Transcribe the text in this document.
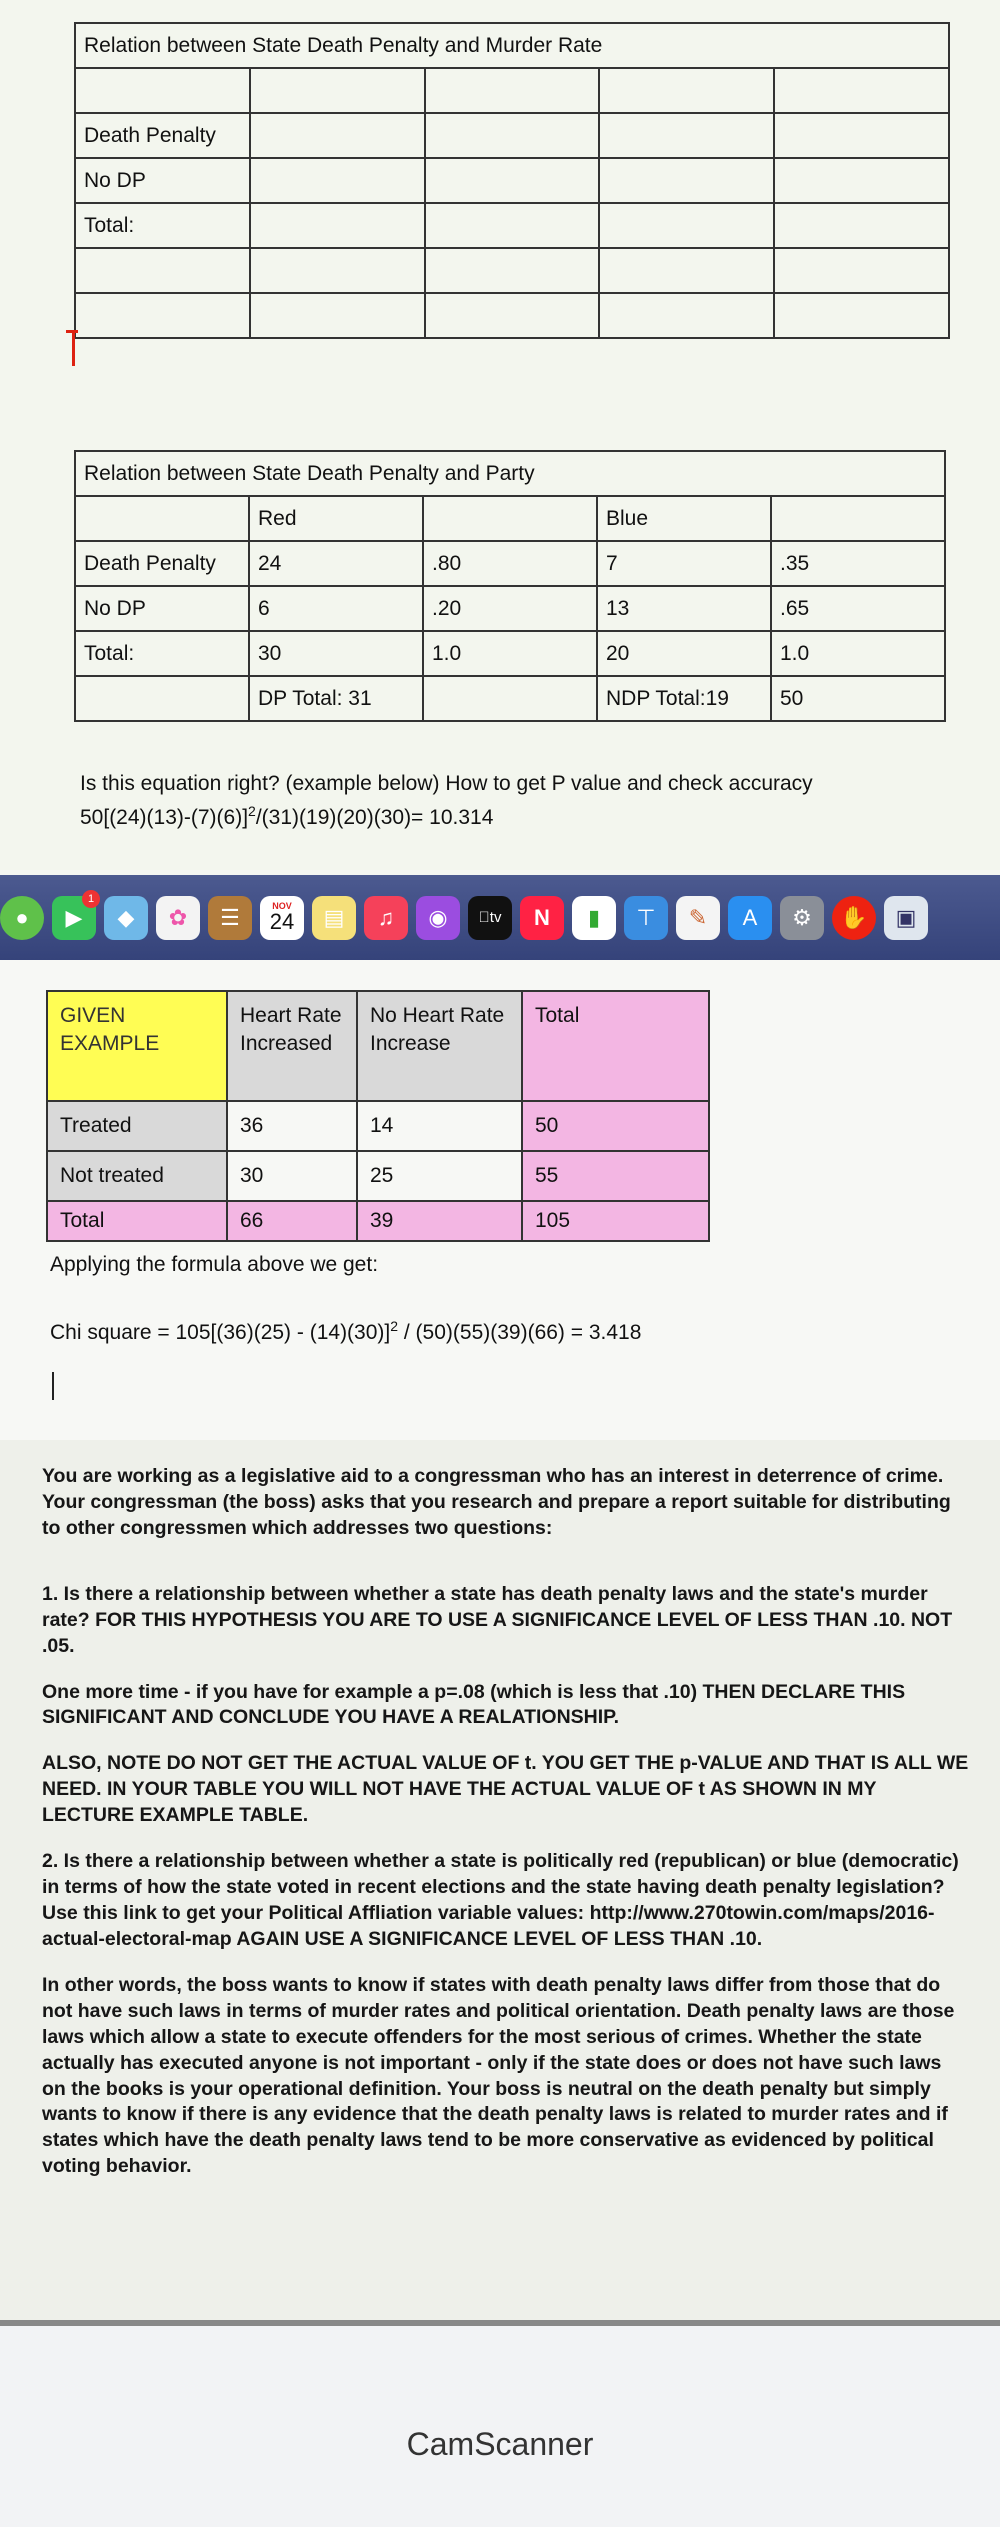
Relation between State Death Penalty and Murder Rate				

Death Penalty				
No DP				
Total:				

Relation between State Death Penalty and Party				
	Red		Blue	
Death Penalty	24	.80	7	.35
No DP	6	.20	13	.65
Total:	30	1.0	20	1.0
	DP Total: 31		NDP Total:19	50
Is this equation right? (example below) How to get P value and check accuracy
$50[(24)(13)-(7)(6)]^2/(31)(19)(20)(30)= 10.314$
●	▶
1
◆	✿	☰	NOV
24	▤	♫	◉	tv	N	▮	⊤	✎	A	⚙	✋	▣
GIVEN EXAMPLE	Heart Rate Increased	No Heart Rate Increase	Total
Treated	36	14	50
Not treated	30	25	55
Total	66	39	105
Applying the formula above we get:
Chi square = 105[(36)(25) - (14)(30)]$^2$ / (50)(55)(39)(66) = 3.418

You are working as a legislative aid to a congressman who has an interest in deterrence of crime. Your congressman (the boss) asks that you research and prepare a report suitable for distributing to other congressmen which addresses two questions:

1. Is there a relationship between whether a state has death penalty laws and the state's murder rate? FOR THIS HYPOTHESIS YOU ARE TO USE A SIGNIFICANCE LEVEL OF LESS THAN .10. NOT .05.

One more time - if you have for example a p=.08 (which is less that .10) THEN DECLARE THIS SIGNIFICANT AND CONCLUDE YOU HAVE A REALATIONSHIP.

ALSO, NOTE DO NOT GET THE ACTUAL VALUE OF t. YOU GET THE p-VALUE AND THAT IS ALL WE NEED. IN YOUR TABLE YOU WILL NOT HAVE THE ACTUAL VALUE OF t AS SHOWN IN MY LECTURE EXAMPLE TABLE.

2. Is there a relationship between whether a state is politically red (republican) or blue (democratic) in terms of how the state voted in recent elections and the state having death penalty legislation? Use this link to get your Political Affliation variable values: http://www.270towin.com/maps/2016-actual-electoral-map AGAIN USE A SIGNIFICANCE LEVEL OF LESS THAN .10.

In other words, the boss wants to know if states with death penalty laws differ from those that do not have such laws in terms of murder rates and political orientation. Death penalty laws are those laws which allow a state to execute offenders for the most serious of crimes. Whether the state actually has executed anyone is not important - only if the state does or does not have such laws on the books is your operational definition. Your boss is neutral on the death penalty but simply wants to know if there is any evidence that the death penalty laws is related to murder rates and if states which have the death penalty laws tend to be more conservative as evidenced by political voting behavior.

CamScanner
